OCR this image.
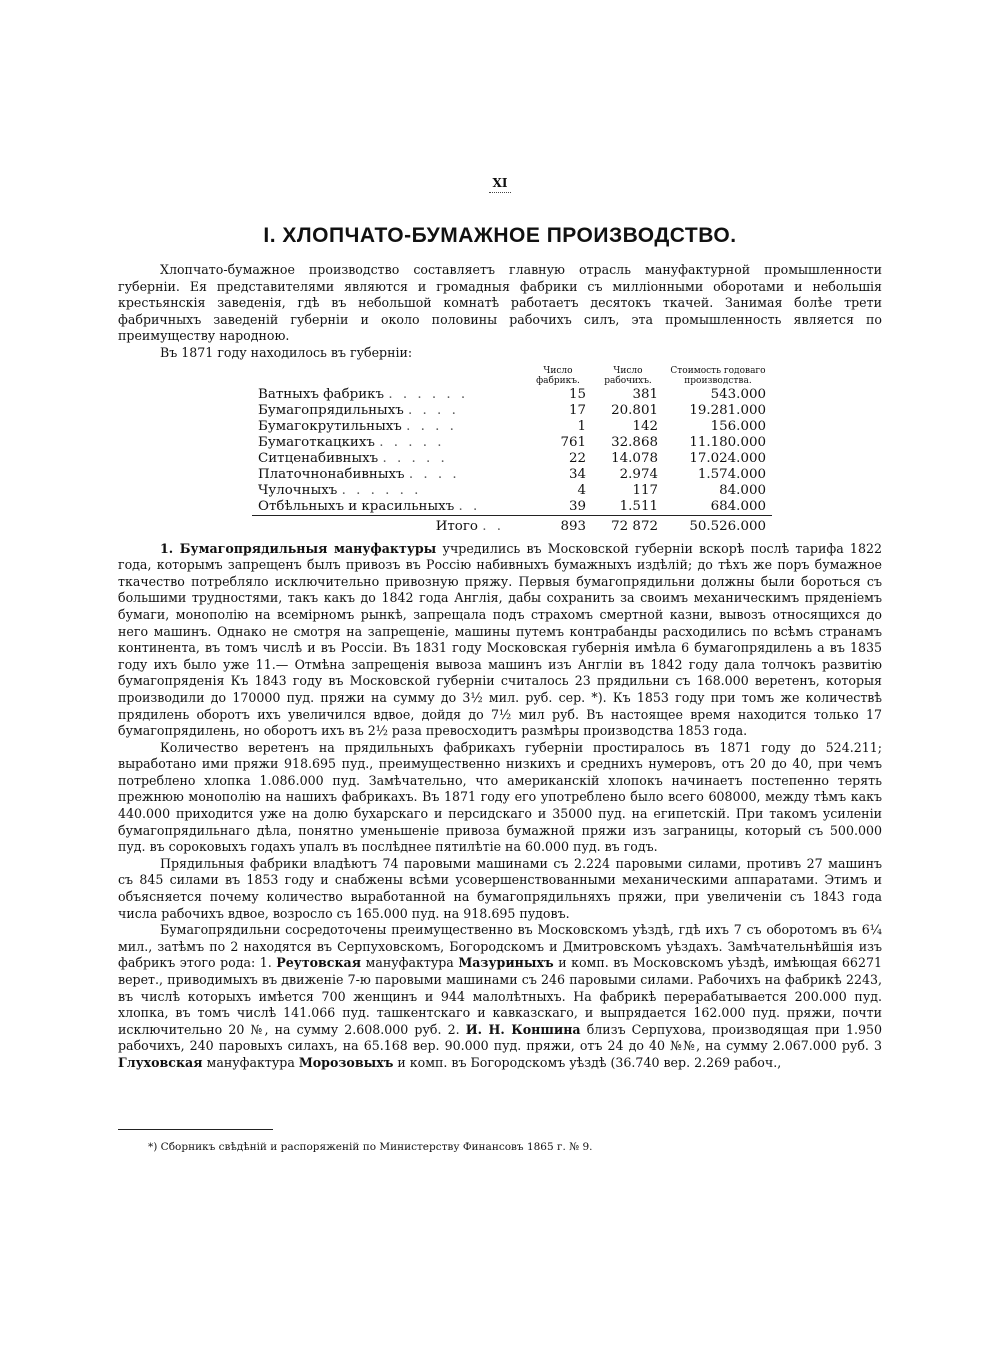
XI
I. ХЛОПЧАТО-БУМАЖНОЕ ПРОИЗВОДСТВО.

Хлопчато-бумажное производство составляетъ главную отрасль мануфактурной промышленности губерніи. Ея представителями являются и громадныя фабрики съ милліонными оборотами и небольшія крестьянскія заведенія, гдѣ въ небольшой комнатѣ работаетъ десятокъ ткачей. Занимая болѣе трети фабричныхъ заведеній губерніи и около половины рабочихъ силъ, эта промышленность является по преимуществу народною.

Въ 1871 году находилось въ губерніи:

	Число фабрикъ.	Число рабочихъ.	Стоимость годоваго производства.
Ватныхъ фабрикъ . . . . . .	15	381	543.000
Бумагопрядильныхъ . . . .	17	20.801	19.281.000
Бумагокрутильныхъ . . . .	1	142	156.000
Бумаготкацкихъ . . . . .	761	32.868	11.180.000
Ситценабивныхъ . . . . .	22	14.078	17.024.000
Платочнонабивныхъ . . . .	34	2.974	1.574.000
Чулочныхъ . . . . . .	4	117	84.000
Отбѣльныхъ и красильныхъ . .	39	1.511	684.000
Итого . .	893	72 872	50.526.000

1. Бумагопрядильныя мануфактуры учредились въ Московской губерніи вскорѣ послѣ тарифа 1822 года, которымъ запрещенъ былъ привозъ въ Россію набивныхъ бумажныхъ издѣлій; до тѣхъ же поръ бумажное ткачество потребляло исключительно привозную пряжу. Первыя бумагопрядильни должны были бороться съ большими трудностями, такъ какъ до 1842 года Англія, дабы сохранить за своимъ механическимъ пряденіемъ бумаги, монополію на всемірномъ рынкѣ, запрещала подъ страхомъ смертной казни, вывозъ относящихся до него машинъ. Однако не смотря на запрещеніе, машины путемъ контрабанды расходились по всѣмъ странамъ континента, въ томъ числѣ и въ Россіи. Въ 1831 году Московская губернія имѣла 6 бумагопрядилень а въ 1835 году ихъ было уже 11.— Отмѣна запрещенія вывоза машинъ изъ Англіи въ 1842 году дала толчокъ развитію бумагопряденія Къ 1843 году въ Московской губерніи считалось 23 прядильни съ 168.000 веретенъ, которыя производили до 170000 пуд. пряжи на сумму до 3½ мил. руб. сер. *). Къ 1853 году при томъ же количествѣ прядилень оборотъ ихъ увеличился вдвое, дойдя до 7½ мил руб. Въ настоящее время находится только 17 бумагопрядилень, но оборотъ ихъ въ 2½ раза превосходитъ размѣры производства 1853 года.

Количество веретенъ на прядильныхъ фабрикахъ губерніи простиралось въ 1871 году до 524.211; выработано ими пряжи 918.695 пуд., преимущественно низкихъ и среднихъ нумеровъ, отъ 20 до 40, при чемъ потреблено хлопка 1.086.000 пуд. Замѣчательно, что американскій хлопокъ начинаетъ постепенно терять прежнюю монополію на нашихъ фабрикахъ. Въ 1871 году его употреблено было всего 608000, между тѣмъ какъ 440.000 приходится уже на долю бухарскаго и персидскаго и 35000 пуд. на египетскій. При такомъ усиленіи бумагопрядильнаго дѣла, понятно уменьшеніе привоза бумажной пряжи изъ заграницы, который съ 500.000 пуд. въ сороковыхъ годахъ упалъ въ послѣднее пятилѣтіе на 60.000 пуд. въ годъ.

Прядильныя фабрики владѣютъ 74 паровыми машинами съ 2.224 паровыми силами, противъ 27 машинъ съ 845 силами въ 1853 году и снабжены всѣми усовершенствованными механическими аппаратами. Этимъ и объясняется почему количество выработанной на бумагопрядильняхъ пряжи, при увеличеніи съ 1843 года числа рабочихъ вдвое, возросло съ 165.000 пуд. на 918.695 пудовъ.

Бумагопрядильни сосредоточены преимущественно въ Московскомъ уѣздѣ, гдѣ ихъ 7 съ оборотомъ въ 6¼ мил., затѣмъ по 2 находятся въ Серпуховскомъ, Богородскомъ и Дмитровскомъ уѣздахъ. Замѣчательнѣйшія изъ фабрикъ этого рода: 1. Реутовская мануфактура Мазуриныхъ и комп. въ Московскомъ уѣздѣ, имѣющая 66271 верет., приводимыхъ въ движеніе 7-ю паровыми машинами съ 246 паровыми силами. Рабочихъ на фабрикѣ 2243, въ числѣ которыхъ имѣется 700 женщинъ и 944 малолѣтныхъ. На фабрикѣ перерабатывается 200.000 пуд. хлопка, въ томъ числѣ 141.066 пуд. ташкентскаго и кавказскаго, и выпрядается 162.000 пуд. пряжи, почти исключительно 20 №, на сумму 2.608.000 руб. 2. И. Н. Коншина близъ Серпухова, производящая при 1.950 рабочихъ, 240 паровыхъ силахъ, на 65.168 вер. 90.000 пуд. пряжи, отъ 24 до 40 №№, на сумму 2.067.000 руб. 3 Глуховская мануфактура Морозовыхъ и комп. въ Богородскомъ уѣздѣ (36.740 вер. 2.269 рабоч.,

*) Сборникъ свѣдѣній и распоряженій по Министерству Финансовъ 1865 г. № 9.
